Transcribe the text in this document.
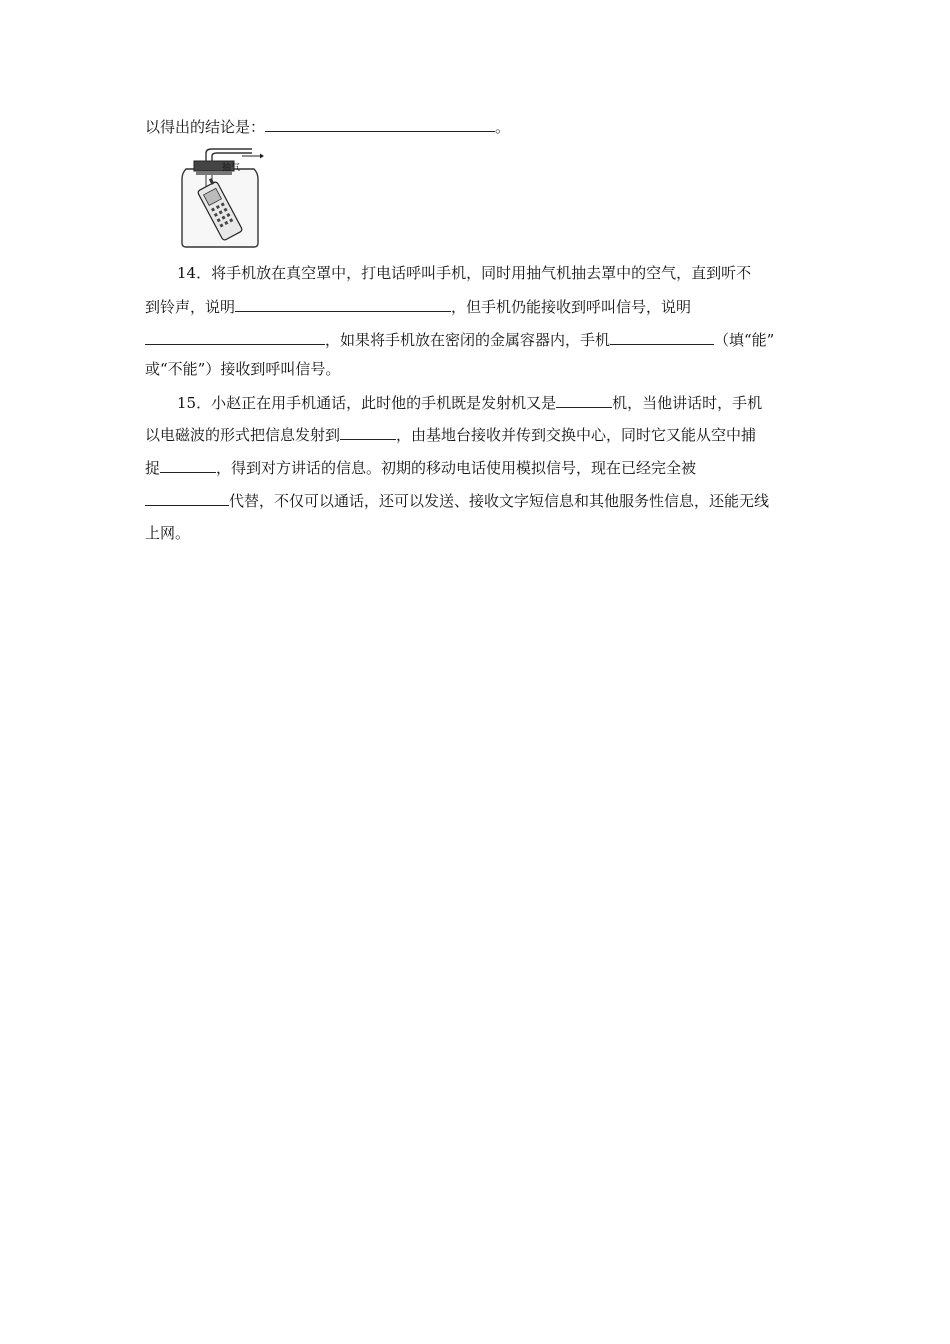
以得出的结论是：	。
抽气
14．将手机放在真空罩中，打电话呼叫手机，同时用抽气机抽去罩中的空气，直到听不
到铃声，说明	，但手机仍能接收到呼叫信号，说明
，如果将手机放在密闭的金属容器内，手机	（填“能”
或“不能”）接收到呼叫信号。
15．小赵正在用手机通话，此时他的手机既是发射机又是	机，当他讲话时，手机
以电磁波的形式把信息发射到	，由基地台接收并传到交换中心，同时它又能从空中捕
捉	，得到对方讲话的信息。初期的移动电话使用模拟信号，现在已经完全被
代替，不仅可以通话，还可以发送、接收文字短信息和其他服务性信息，还能无线
上网。
